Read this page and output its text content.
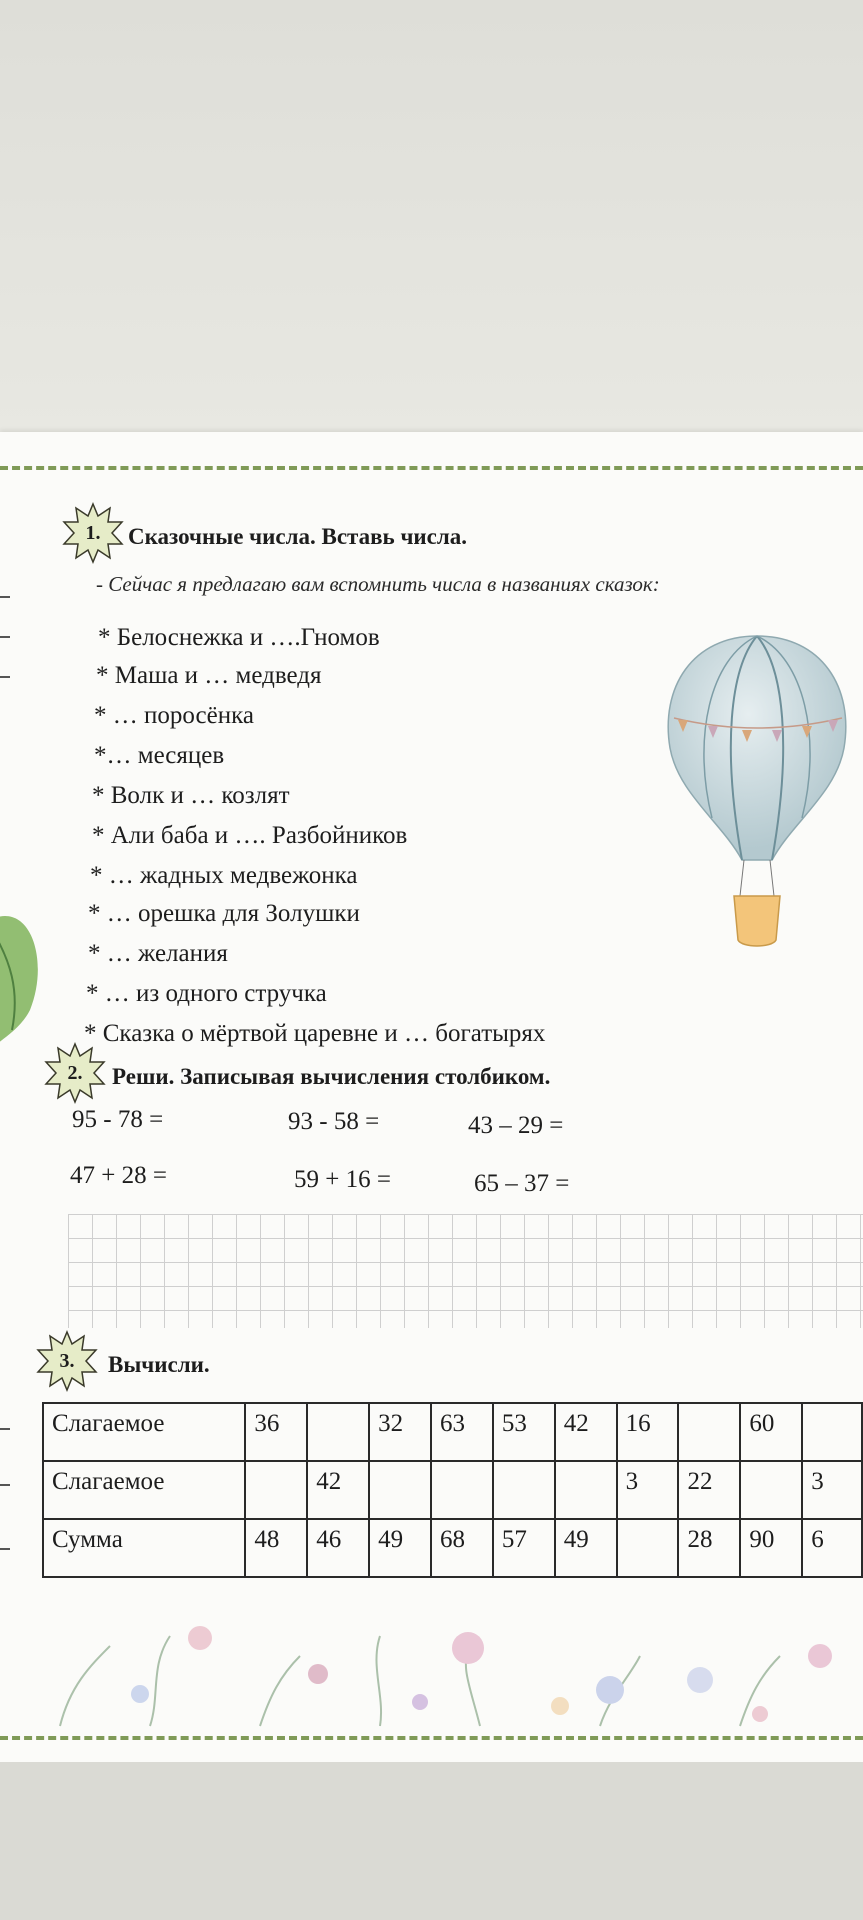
1.	Сказочные числа. Вставь числа.
- Сейчас я предлагаю вам вспомнить числа в названиях сказок:
* Белоснежка и ….Гномов
* Маша и … медведя
* … поросёнка
*… месяцев
* Волк и … козлят
* Али баба и …. Разбойников
* … жадных медвежонка
* … орешка для Золушки
* … желания
* … из одного стручка
* Сказка о мёртвой царевне и … богатырях
2.	Реши. Записывая вычисления столбиком.
95 - 78 =	93 - 58 =	43 – 29 =
47 + 28 =	59 + 16 =	65 – 37 =
3.	Вычисли.
Слагаемое	36		32	63	53	42	16		60	
Слагаемое		42					3	22		3
Сумма	48	46	49	68	57	49		28	90	6
